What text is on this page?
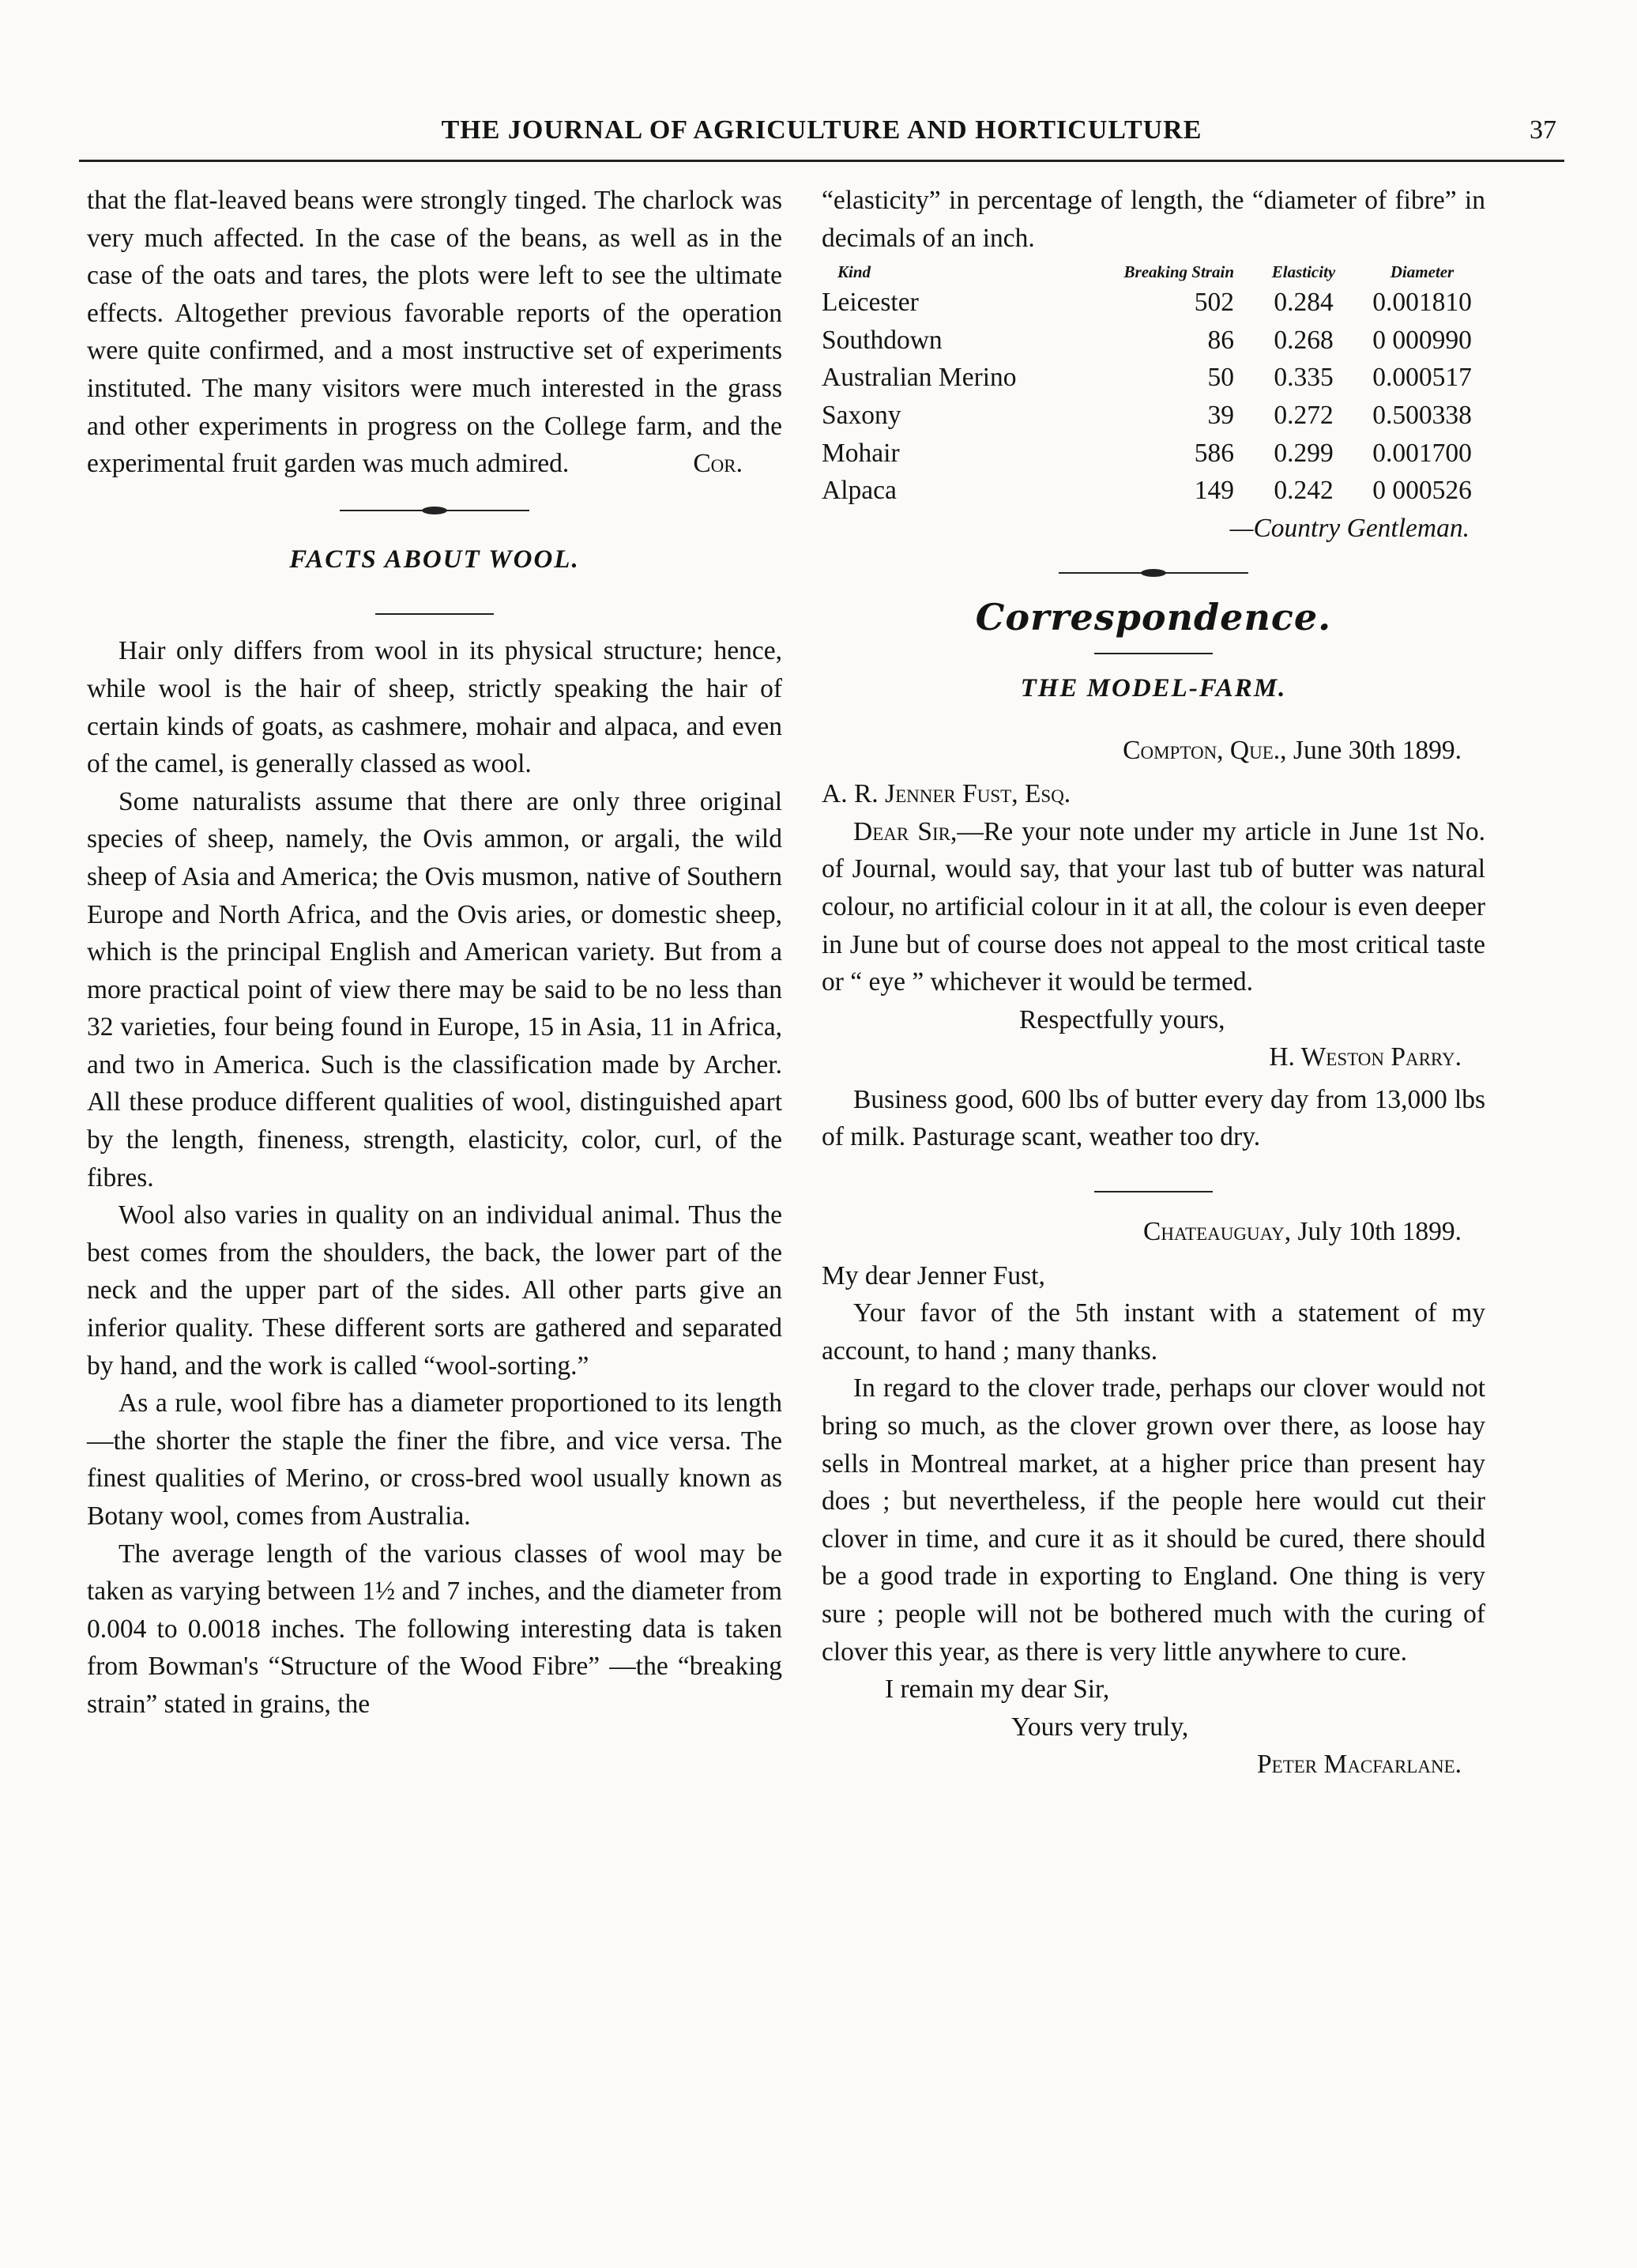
THE JOURNAL OF AGRICULTURE AND HORTICULTURE	37

that the flat-leaved beans were strongly tinged. The charlock was very much affected. In the case of the beans, as well as in the case of the oats and tares, the plots were left to see the ultimate effects. Altogether previous favorable reports of the operation were quite confirmed, and a most instructive set of experiments instituted. The many visitors were much interested in the grass and other experiments in progress on the College farm, and the experimental fruit garden was much admired.	Cor.

FACTS ABOUT WOOL.

Hair only differs from wool in its physical structure; hence, while wool is the hair of sheep, strictly speaking the hair of certain kinds of goats, as cashmere, mohair and alpaca, and even of the camel, is generally classed as wool.

Some naturalists assume that there are only three original species of sheep, namely, the Ovis ammon, or argali, the wild sheep of Asia and America; the Ovis musmon, native of Southern Europe and North Africa, and the Ovis aries, or domestic sheep, which is the principal English and American variety. But from a more practical point of view there may be said to be no less than 32 varieties, four being found in Europe, 15 in Asia, 11 in Africa, and two in America. Such is the classification made by Archer. All these produce different qualities of wool, distinguished apart by the length, fineness, strength, elasticity, color, curl, of the fibres.

Wool also varies in quality on an individual animal. Thus the best comes from the shoulders, the back, the lower part of the neck and the upper part of the sides. All other parts give an inferior quality. These different sorts are gathered and separated by hand, and the work is called “wool-sorting.”

As a rule, wool fibre has a diameter proportioned to its length—the shorter the staple the finer the fibre, and vice versa. The finest qualities of Merino, or cross-bred wool usually known as Botany wool, comes from Australia.

The average length of the various classes of wool may be taken as varying between 1½ and 7 inches, and the diameter from 0.004 to 0.0018 inches. The following interesting data is taken from Bowman's “Structure of the Wood Fibre” —the “breaking strain” stated in grains, the

“elasticity” in percentage of length, the “diameter of fibre” in decimals of an inch.

Kind	Breaking Strain	Elasticity	Diameter
Leicester	502	0.284	0.001810
Southdown	86	0.268	0 000990
Australian Merino	50	0.335	0.000517
Saxony	39	0.272	0.500338
Mohair	586	0.299	0.001700
Alpaca	149	0.242	0 000526
—Country Gentleman.
Correspondence.
THE MODEL-FARM.

Compton, Que., June 30th 1899.

A. R. Jenner Fust, Esq.

Dear Sir,—Re your note under my article in June 1st No. of Journal, would say, that your last tub of butter was natural colour, no artificial colour in it at all, the colour is even deeper in June but of course does not appeal to the most critical taste or “ eye ” whichever it would be termed.

Respectfully yours,

H. Weston Parry.

Business good, 600 lbs of butter every day from 13,000 lbs of milk. Pasturage scant, weather too dry.

Chateauguay, July 10th 1899.

My dear Jenner Fust,

Your favor of the 5th instant with a statement of my account, to hand ; many thanks.

In regard to the clover trade, perhaps our clover would not bring so much, as the clover grown over there, as loose hay sells in Montreal market, at a higher price than present hay does ; but nevertheless, if the people here would cut their clover in time, and cure it as it should be cured, there should be a good trade in exporting to England. One thing is very sure ; people will not be bothered much with the curing of clover this year, as there is very little anywhere to cure.

I remain my dear Sir,

Yours very truly,

Peter Macfarlane.
